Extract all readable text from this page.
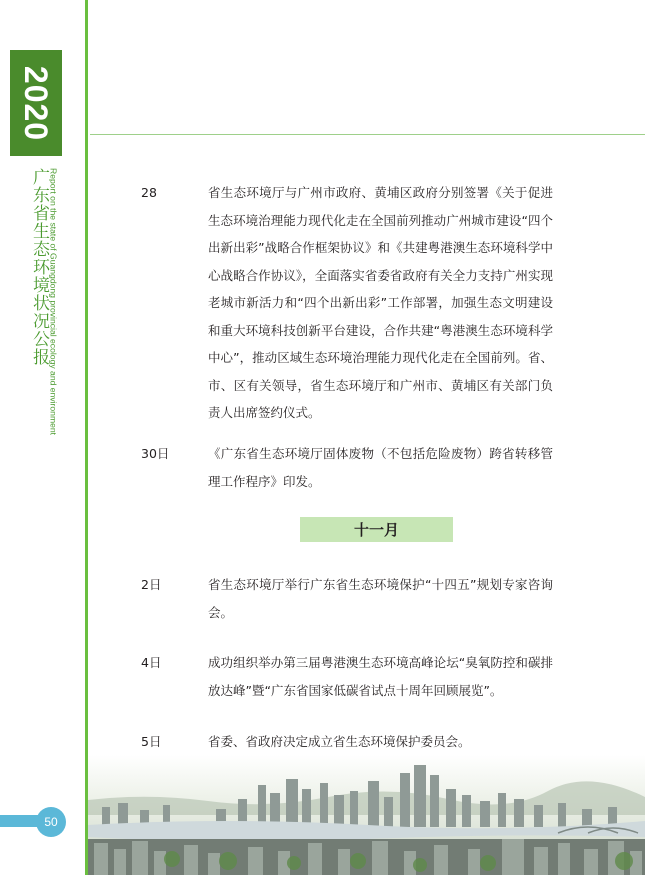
2020
广东省生态环境状况公报 Report on the state of Guangdong provincial ecology and environment	28	省生态环境厅与广州市政府、黄埔区政府分别签署《关于促进生态环境治理能力现代化走在全国前列推动广州城市建设“四个出新出彩”战略合作框架协议》和《共建粤港澳生态环境科学中心战略合作协议》，全面落实省委省政府有关全力支持广州实现老城市新活力和“四个出新出彩”工作部署，加强生态文明建设和重大环境科技创新平台建设，合作共建“粤港澳生态环境科学中心”，推动区域生态环境治理能力现代化走在全国前列。省、市、区有关领导，省生态环境厅和广州市、黄埔区有关部门负责人出席签约仪式。
30日	《广东省生态环境厅固体废物（不包括危险废物）跨省转移管理工作程序》印发。
十一月
2日	省生态环境厅举行广东省生态环境保护“十四五”规划专家咨询会。
4日	成功组织举办第三届粤港澳生态环境高峰论坛“臭氧防控和碳排放达峰”暨“广东省国家低碳省试点十周年回顾展览”。
5日	省委、省政府决定成立省生态环境保护委员会。
50
